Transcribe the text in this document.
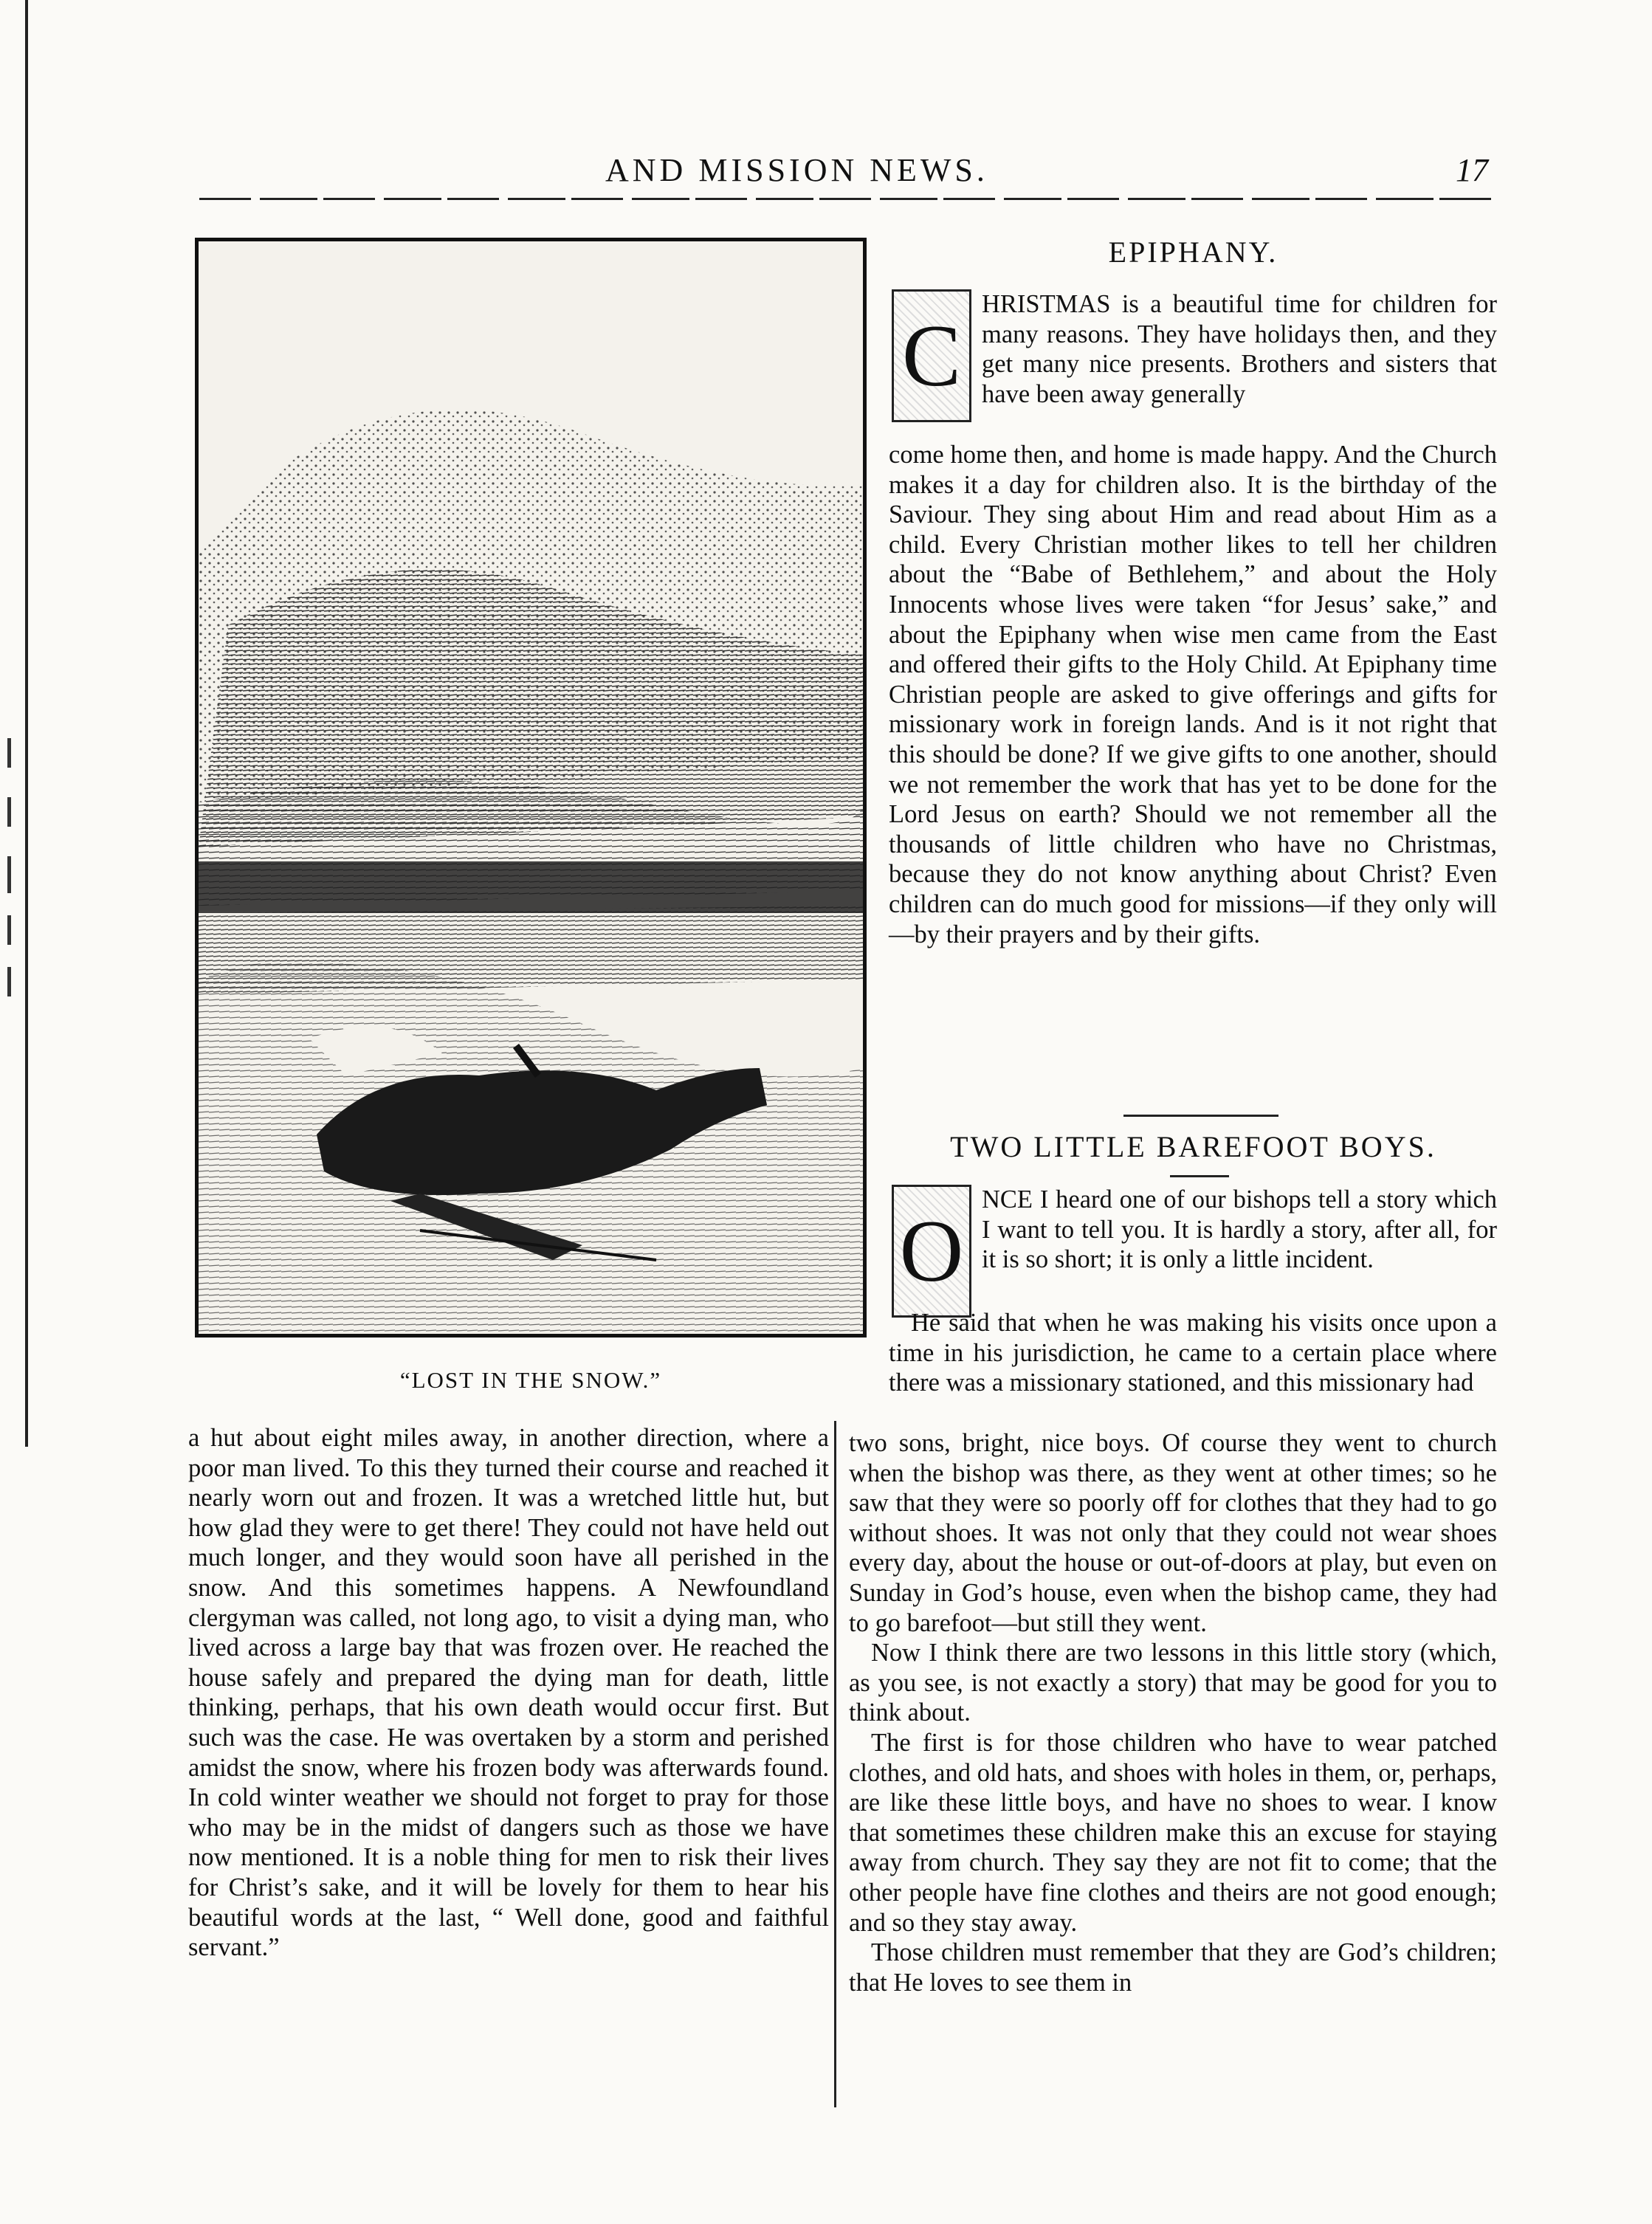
AND MISSION NEWS.	17
“LOST IN THE SNOW.”

a hut about eight miles away, in another direction, where a poor man lived. To this they turned their course and reached it nearly worn out and frozen. It was a wretched little hut, but how glad they were to get there! They could not have held out much longer, and they would soon have all perished in the snow. And this sometimes happens. A Newfoundland clergyman was called, not long ago, to visit a dying man, who lived across a large bay that was frozen over. He reached the house safely and prepared the dying man for death, little thinking, perhaps, that his own death would occur first. But such was the case. He was overtaken by a storm and perished amidst the snow, where his frozen body was afterwards found. In cold winter weather we should not forget to pray for those who may be in the midst of dangers such as those we have now mentioned. It is a noble thing for men to risk their lives for Christ’s sake, and it will be lovely for them to hear his beautiful words at the last, “ Well done, good and faithful servant.”

EPIPHANY.
C

HRISTMAS is a beautiful time for children for many reasons. They have holidays then, and they get many nice presents. Brothers and sisters that have been away generally

come home then, and home is made happy. And the Church makes it a day for children also. It is the birthday of the Saviour. They sing about Him and read about Him as a child. Every Christian mother likes to tell her children about the “Babe of Bethlehem,” and about the Holy Innocents whose lives were taken “for Jesus’ sake,” and about the Epiphany when wise men came from the East and offered their gifts to the Holy Child. At Epiphany time Christian people are asked to give offerings and gifts for missionary work in foreign lands. And is it not right that this should be done? If we give gifts to one another, should we not remember the work that has yet to be done for the Lord Jesus on earth? Should we not remember all the thousands of little children who have no Christmas, because they do not know anything about Christ? Even children can do much good for missions—if they only will—by their prayers and by their gifts.

TWO LITTLE BAREFOOT BOYS.
O

NCE I heard one of our bishops tell a story which I want to tell you. It is hardly a story, after all, for it is so short; it is only a little incident.

He said that when he was making his visits once upon a time in his jurisdiction, he came to a certain place where there was a missionary stationed, and this missionary had

two sons, bright, nice boys. Of course they went to church when the bishop was there, as they went at other times; so he saw that they were so poorly off for clothes that they had to go without shoes. It was not only that they could not wear shoes every day, about the house or out-of-doors at play, but even on Sunday in God’s house, even when the bishop came, they had to go barefoot—but still they went.

Now I think there are two lessons in this little story (which, as you see, is not exactly a story) that may be good for you to think about.

The first is for those children who have to wear patched clothes, and old hats, and shoes with holes in them, or, perhaps, are like these little boys, and have no shoes to wear. I know that sometimes these children make this an excuse for staying away from church. They say they are not fit to come; that the other people have fine clothes and theirs are not good enough; and so they stay away.

Those children must remember that they are God’s children; that He loves to see them in
